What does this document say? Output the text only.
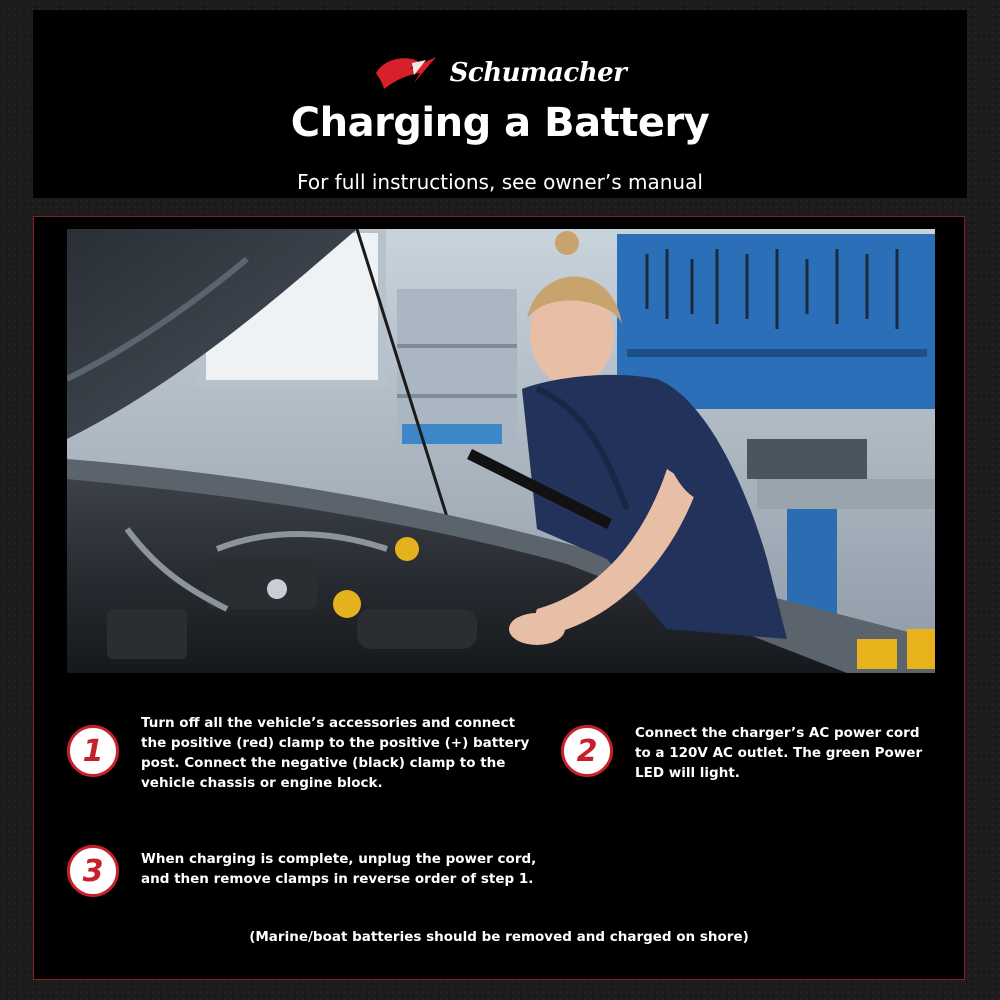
Schumacher
Charging a Battery
For full instructions, see owner’s manual
1
Turn off all the vehicle’s accessories and connect the positive (red) clamp to the positive (+) battery post. Connect the negative (black) clamp to the vehicle chassis or engine block.
2
Connect the charger’s AC power cord to a 120V AC outlet. The green Power LED will light.
3	When charging is complete, unplug the power cord, and then remove clamps in reverse order of step 1.
(Marine/boat batteries should be removed and charged on shore)
